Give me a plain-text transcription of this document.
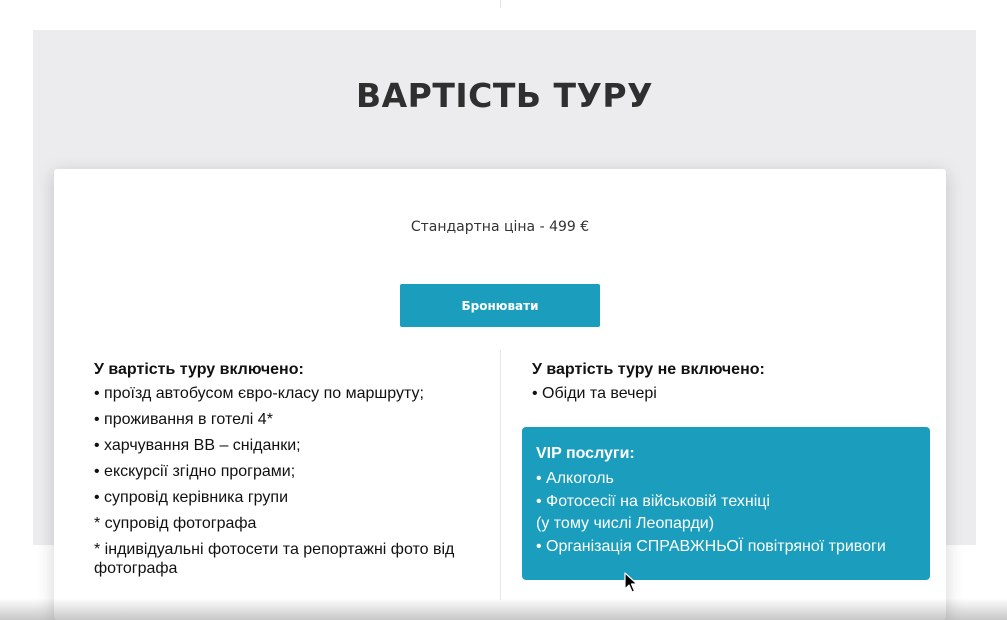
ВАРТІСТЬ ТУРУ
Стандартна ціна - 499 €
Бронювати
У вартість туру включено:
• проїзд автобусом євро-класу по маршруту;
• проживання в готелі 4*
• харчування BB – сніданки;
• екскурсії згідно програми;
• супровід керівника групи
* супровід фотографа
* індивідуальні фотосети та репортажні фото від фотографа
У вартість туру не включено:
• Обіди та вечері
VIP послуги:
• Алкоголь
• Фотосесії на військовій техніці
(у тому числі Леопарди)
• Організація СПРАВЖНЬОЇ повітряної тривоги
